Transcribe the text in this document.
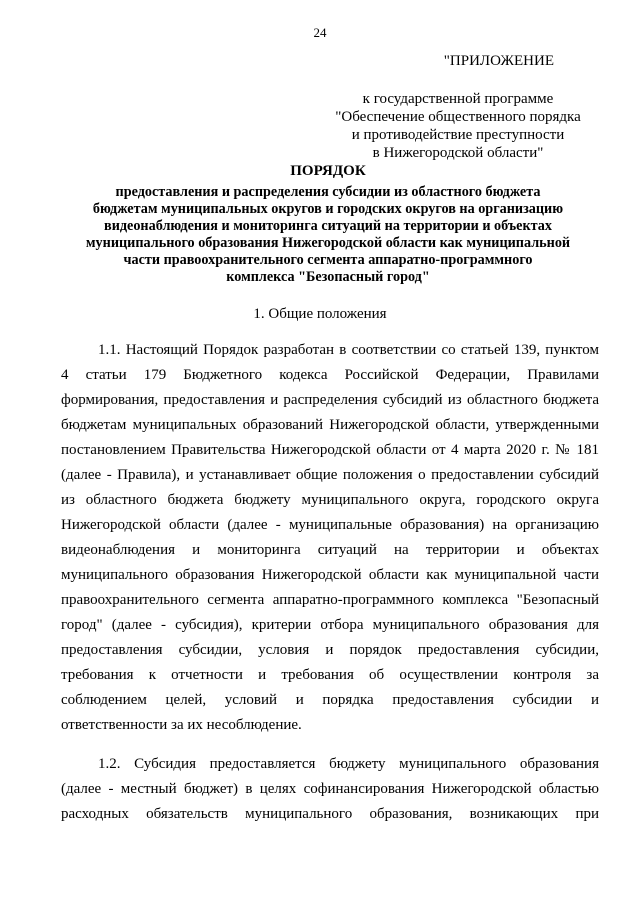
24
"ПРИЛОЖЕНИЕ
к государственной программе
"Обеспечение общественного порядка
и противодействие преступности
в Нижегородской области"
ПОРЯДОК
предоставления и распределения субсидии из областного бюджета
бюджетам муниципальных округов и городских округов на организацию
видеонаблюдения и мониторинга ситуаций на территории и объектах
муниципального образования Нижегородской области как муниципальной
части правоохранительного сегмента аппаратно-программного
комплекса "Безопасный город"
1. Общие положения
1.1. Настоящий Порядок разработан в соответствии со статьей 139, пунктом
4 статьи 179 Бюджетного кодекса Российской Федерации, Правилами
формирования, предоставления и распределения субсидий из областного бюджета
бюджетам муниципальных образований Нижегородской области, утвержденными
постановлением Правительства Нижегородской области от 4 марта 2020 г. № 181
(далее - Правила), и устанавливает общие положения о предоставлении субсидий
из областного бюджета бюджету муниципального округа, городского округа
Нижегородской области (далее - муниципальные образования) на организацию
видеонаблюдения и мониторинга ситуаций на территории и объектах
муниципального образования Нижегородской области как муниципальной части
правоохранительного сегмента аппаратно-программного комплекса "Безопасный
город" (далее - субсидия), критерии отбора муниципального образования для
предоставления субсидии, условия и порядок предоставления субсидии,
требования к отчетности и требования об осуществлении контроля за
соблюдением целей, условий и порядка предоставления субсидии и
ответственности за их несоблюдение.
1.2. Субсидия предоставляется бюджету муниципального образования
(далее - местный бюджет) в целях софинансирования Нижегородской областью
расходных обязательств муниципального образования, возникающих при
